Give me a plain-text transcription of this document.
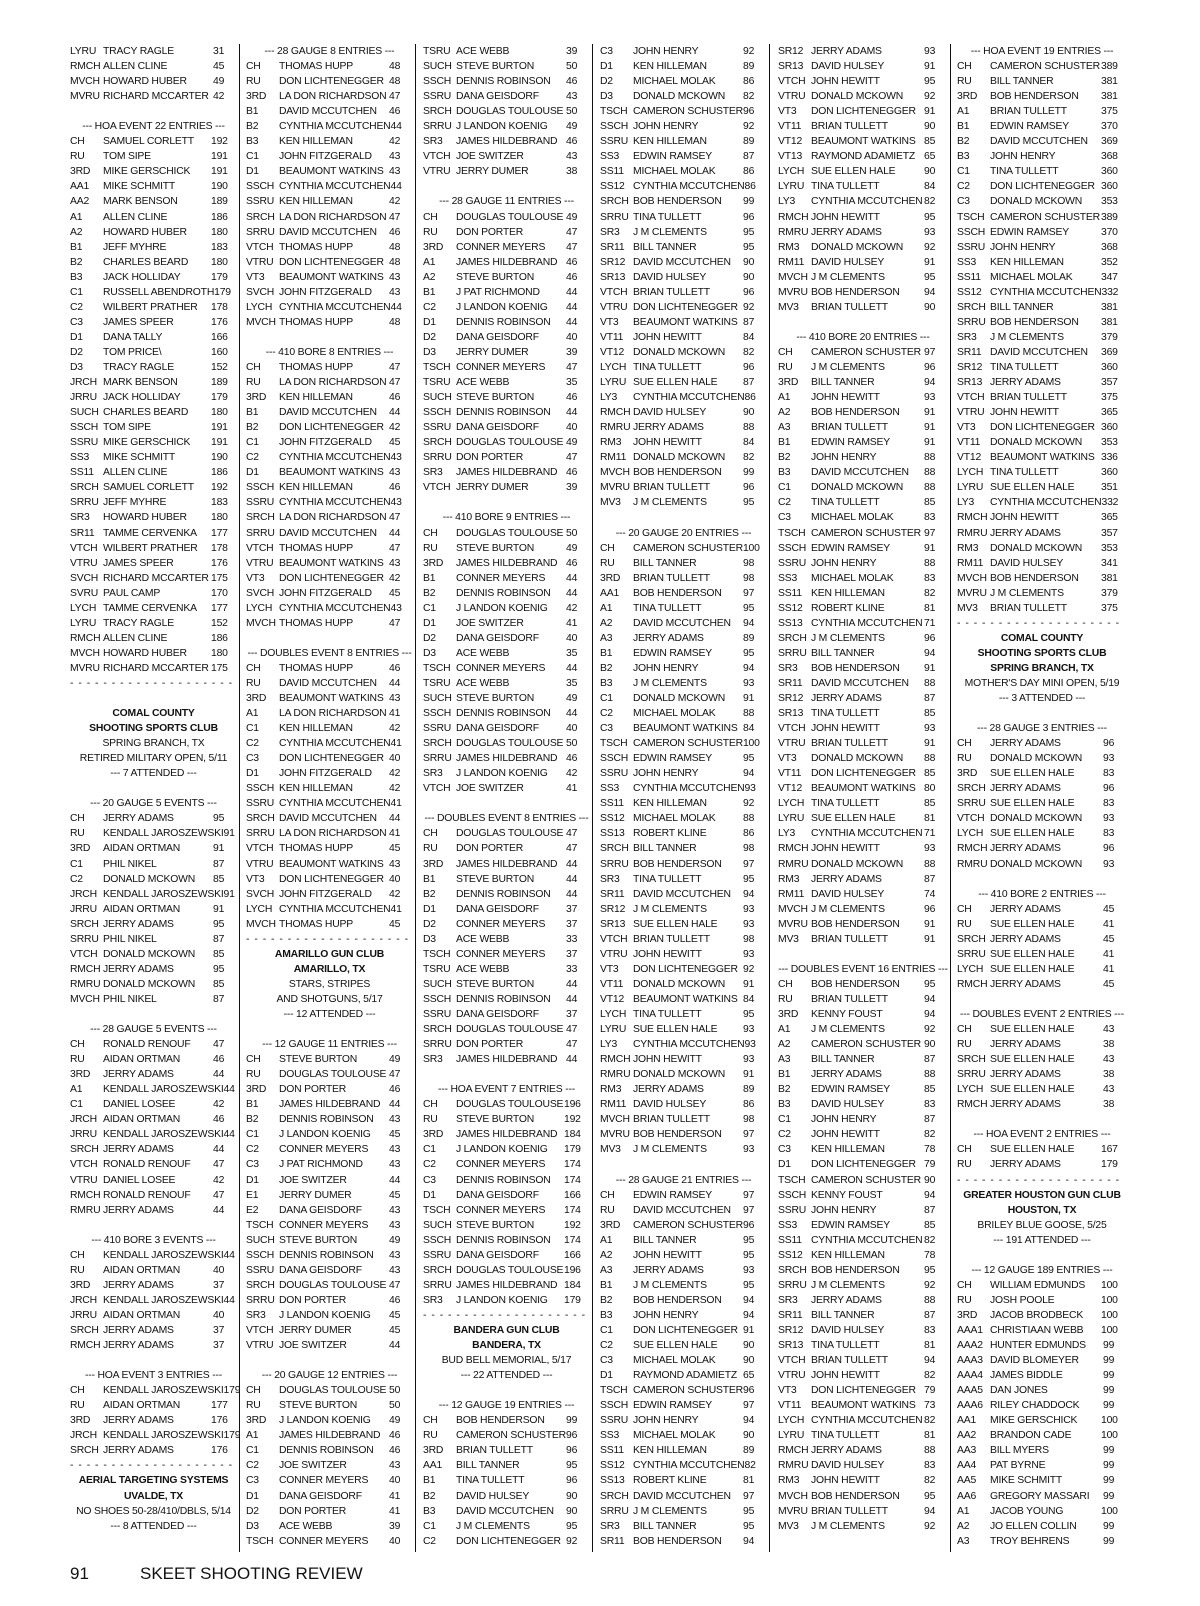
LYRU TRACY RAGLE	31
RMCH ALLEN CLINE	45
MVCH HOWARD HUBER	49
MVRU RICHARD MCCARTER 42
--- HOA EVENT 22 ENTRIES ---
CH	SAMUEL CORLETT	192
RU	TOM SIPE	191
3RD	MIKE GERSCHICK	191
AA1	MIKE SCHMITT	190
AA2	MARK BENSON	189
A1	ALLEN CLINE	186
A2	HOWARD HUBER	180
B1	JEFF MYHRE	183
B2	CHARLES BEARD	180
B3	JACK HOLLIDAY	179
C1	RUSSELL ABENDROTH 179
C2	WILBERT PRATHER	178
C3	JAMES SPEER	176
D1	DANA TALLY	166
D2	TOM PRICE\	160
D3	TRACY RAGLE	152
JRCH MARK BENSON	189
JRRU JACK HOLLIDAY	179
SUCH CHARLES BEARD	180
SSCH TOM SIPE	191
SSRU MIKE GERSCHICK	191
SS3	MIKE SCHMITT	190
SS11 ALLEN CLINE	186
SRCH SAMUEL CORLETT	192
SRRU JEFF MYHRE	183
SR3	HOWARD HUBER	180
SR11 TAMME CERVENKA	177
VTCH WILBERT PRATHER	178
VTRU JAMES SPEER	176
SVCH RICHARD MCCARTER 175
SVRU PAUL CAMP	170
LYCH TAMME CERVENKA	177
LYRU TRACY RAGLE	152
RMCH ALLEN CLINE	186
MVCH HOWARD HUBER	180
MVRU RICHARD MCCARTER 175
- - - - - - - - - - - - - - - - - - - -
COMAL COUNTY
SHOOTING SPORTS CLUB
SPRING BRANCH, TX
RETIRED MILITARY OPEN, 5/11
--- 7 ATTENDED ---
--- 20 GAUGE 5 EVENTS ---
CH	JERRY ADAMS	95
RU	KENDALL JAROSZEWSKI 91
3RD	AIDAN ORTMAN	91
C1	PHIL NIKEL	87
C2	DONALD MCKOWN	85
JRCH KENDALL JAROSZEWSKI 91
JRRU AIDAN ORTMAN	91
SRCH JERRY ADAMS	95
SRRU PHIL NIKEL	87
VTCH DONALD MCKOWN	85
RMCH JERRY ADAMS	95
RMRU DONALD MCKOWN	85
MVCH PHIL NIKEL	87
--- 28 GAUGE 5 EVENTS ---
CH	RONALD RENOUF	47
RU	AIDAN ORTMAN	46
3RD	JERRY ADAMS	44
A1	KENDALL JAROSZEWSKI 44
C1	DANIEL LOSEE	42
JRCH AIDAN ORTMAN	46
JRRU KENDALL JAROSZEWSKI 44
SRCH JERRY ADAMS	44
VTCH RONALD RENOUF	47
VTRU DANIEL LOSEE	42
RMCH RONALD RENOUF	47
RMRU JERRY ADAMS	44
--- 410 BORE 3 EVENTS ---
CH	KENDALL JAROSZEWSKI 44
RU	AIDAN ORTMAN	40
3RD	JERRY ADAMS	37
JRCH KENDALL JAROSZEWSKI 44
JRRU AIDAN ORTMAN	40
SRCH JERRY ADAMS	37
RMCH JERRY ADAMS	37
--- HOA EVENT 3 ENTRIES ---
CH	KENDALL JAROSZEWSKI 179
RU	AIDAN ORTMAN	177
3RD	JERRY ADAMS	176
JRCH KENDALL JAROSZEWSKI 179
SRCH JERRY ADAMS	176
- - - - - - - - - - - - - - - - - - - -
AERIAL TARGETING SYSTEMS
UVALDE, TX
NO SHOES 50-28/410/DBLS, 5/14
--- 8 ATTENDED ---
--- 28 GAUGE 8 ENTRIES ---
CH	THOMAS HUPP	48
RU	DON LICHTENEGGER 48
3RD	LA DON RICHARDSON 47
B1	DAVID MCCUTCHEN	46
B2	CYNTHIA MCCUTCHEN 44
B3	KEN HILLEMAN	42
C1	JOHN FITZGERALD	43
D1	BEAUMONT WATKINS 43
SSCH CYNTHIA MCCUTCHEN 44
SSRU KEN HILLEMAN	42
SRCH LA DON RICHARDSON 47
SRRU DAVID MCCUTCHEN	46
VTCH THOMAS HUPP	48
VTRU DON LICHTENEGGER 48
VT3	BEAUMONT WATKINS 43
SVCH JOHN FITZGERALD	43
LYCH CYNTHIA MCCUTCHEN 44
MVCH THOMAS HUPP	48
--- 410 BORE 8 ENTRIES ---
CH	THOMAS HUPP	47
RU	LA DON RICHARDSON 47
3RD	KEN HILLEMAN	46
B1	DAVID MCCUTCHEN	44
B2	DON LICHTENEGGER 42
C1	JOHN FITZGERALD	45
C2	CYNTHIA MCCUTCHEN 43
D1	BEAUMONT WATKINS 43
SSCH KEN HILLEMAN	46
SSRU CYNTHIA MCCUTCHEN 43
SRCH LA DON RICHARDSON 47
SRRU DAVID MCCUTCHEN	44
VTCH THOMAS HUPP	47
VTRU BEAUMONT WATKINS 43
VT3	DON LICHTENEGGER 42
SVCH JOHN FITZGERALD	45
LYCH CYNTHIA MCCUTCHEN 43
MVCH THOMAS HUPP	47
--- DOUBLES EVENT 8 ENTRIES ---
CH	THOMAS HUPP	46
RU	DAVID MCCUTCHEN	44
3RD	BEAUMONT WATKINS 43
A1	LA DON RICHARDSON 41
C1	KEN HILLEMAN	42
C2	CYNTHIA MCCUTCHEN 41
C3	DON LICHTENEGGER 40
D1	JOHN FITZGERALD	42
SSCH KEN HILLEMAN	42
SSRU CYNTHIA MCCUTCHEN 41
SRCH DAVID MCCUTCHEN	44
SRRU LA DON RICHARDSON 41
VTCH THOMAS HUPP	45
VTRU BEAUMONT WATKINS 43
VT3	DON LICHTENEGGER 40
SVCH JOHN FITZGERALD	42
LYCH CYNTHIA MCCUTCHEN 41
MVCH THOMAS HUPP	45
- - - - - - - - - - - - - - - - - - - -
AMARILLO GUN CLUB
AMARILLO, TX
STARS, STRIPES
AND SHOTGUNS, 5/17
--- 12 ATTENDED ---
--- 12 GAUGE 11 ENTRIES ---
CH	STEVE BURTON	49
RU	DOUGLAS TOULOUSE 47
3RD	DON PORTER	46
B1	JAMES HILDEBRAND 44
B2	DENNIS ROBINSON	43
C1	J LANDON KOENIG	45
C2	CONNER MEYERS	43
C3	J PAT RICHMOND	43
D1	JOE SWITZER	44
E1	JERRY DUMER	45
E2	DANA GEISDORF	43
TSCH CONNER MEYERS	43
SUCH STEVE BURTON	49
SSCH DENNIS ROBINSON	43
SSRU DANA GEISDORF	43
SRCH DOUGLAS TOULOUSE 47
SRRU DON PORTER	46
SR3	J LANDON KOENIG	45
VTCH JERRY DUMER	45
VTRU JOE SWITZER	44
--- 20 GAUGE 12 ENTRIES ---
CH	DOUGLAS TOULOUSE 50
RU	STEVE BURTON	50
3RD	J LANDON KOENIG	49
A1	JAMES HILDEBRAND 46
C1	DENNIS ROBINSON	46
C2	JOE SWITZER	43
C3	CONNER MEYERS	40
D1	DANA GEISDORF	41
D2	DON PORTER	41
D3	ACE WEBB	39
TSCH CONNER MEYERS	40
TSRU ACE WEBB	39
SUCH STEVE BURTON	50
SSCH DENNIS ROBINSON	46
SSRU DANA GEISDORF	43
SRCH DOUGLAS TOULOUSE 50
SRRU J LANDON KOENIG	49
SR3	JAMES HILDEBRAND 46
VTCH JOE SWITZER	43
VTRU JERRY DUMER	38
--- 28 GAUGE 11 ENTRIES ---
CH	DOUGLAS TOULOUSE 49
RU	DON PORTER	47
3RD	CONNER MEYERS	47
A1	JAMES HILDEBRAND 46
A2	STEVE BURTON	46
B1	J PAT RICHMOND	44
C2	J LANDON KOENIG	44
D1	DENNIS ROBINSON	44
D2	DANA GEISDORF	40
D3	JERRY DUMER	39
TSCH CONNER MEYERS	47
TSRU ACE WEBB	35
SUCH STEVE BURTON	46
SSCH DENNIS ROBINSON	44
SSRU DANA GEISDORF	40
SRCH DOUGLAS TOULOUSE 49
SRRU DON PORTER	47
SR3	JAMES HILDEBRAND 46
VTCH JERRY DUMER	39
--- 410 BORE 9 ENTRIES ---
CH	DOUGLAS TOULOUSE 50
RU	STEVE BURTON	49
3RD	JAMES HILDEBRAND 46
B1	CONNER MEYERS	44
B2	DENNIS ROBINSON	44
C1	J LANDON KOENIG	42
D1	JOE SWITZER	41
D2	DANA GEISDORF	40
D3	ACE WEBB	35
TSCH CONNER MEYERS	44
TSRU ACE WEBB	35
SUCH STEVE BURTON	49
SSCH DENNIS ROBINSON	44
SSRU DANA GEISDORF	40
SRCH DOUGLAS TOULOUSE 50
SRRU JAMES HILDEBRAND 46
SR3	J LANDON KOENIG	42
VTCH JOE SWITZER	41
--- DOUBLES EVENT 8 ENTRIES ---
CH	DOUGLAS TOULOUSE 47
RU	DON PORTER	47
3RD	JAMES HILDEBRAND 44
B1	STEVE BURTON	44
B2	DENNIS ROBINSON	44
D1	DANA GEISDORF	37
D2	CONNER MEYERS	37
D3	ACE WEBB	33
TSCH CONNER MEYERS	37
TSRU ACE WEBB	33
SUCH STEVE BURTON	44
SSCH DENNIS ROBINSON	44
SSRU DANA GEISDORF	37
SRCH DOUGLAS TOULOUSE 47
SRRU DON PORTER	47
SR3	JAMES HILDEBRAND 44
--- HOA EVENT 7 ENTRIES ---
CH	DOUGLAS TOULOUSE 196
RU	STEVE BURTON	192
3RD	JAMES HILDEBRAND 184
C1	J LANDON KOENIG	179
C2	CONNER MEYERS	174
C3	DENNIS ROBINSON	174
D1	DANA GEISDORF	166
TSCH CONNER MEYERS	174
SUCH STEVE BURTON	192
SSCH DENNIS ROBINSON	174
SSRU DANA GEISDORF	166
SRCH DOUGLAS TOULOUSE 196
SRRU JAMES HILDEBRAND 184
SR3	J LANDON KOENIG	179
- - - - - - - - - - - - - - - - - - - -
BANDERA GUN CLUB
BANDERA, TX
BUD BELL MEMORIAL, 5/17
--- 22 ATTENDED ---
--- 12 GAUGE 19 ENTRIES ---
CH	BOB HENDERSON	99
RU	CAMERON SCHUSTER 96
3RD	BRIAN TULLETT	96
AA1	BILL TANNER	95
B1	TINA TULLETT	96
B2	DAVID HULSEY	90
B3	DAVID MCCUTCHEN	90
C1	J M CLEMENTS	95
C2	DON LICHTENEGGER 92
C3	JOHN HENRY	92
D1	KEN HILLEMAN	89
D2	MICHAEL MOLAK	86
D3	DONALD MCKOWN	82
TSCH CAMERON SCHUSTER 96
SSCH JOHN HENRY	92
SSRU KEN HILLEMAN	89
SS3	EDWIN RAMSEY	87
SS11 MICHAEL MOLAK	86
SS12 CYNTHIA MCCUTCHEN 86
SRCH BOB HENDERSON	99
SRRU TINA TULLETT	96
SR3	J M CLEMENTS	95
SR11 BILL TANNER	95
SR12 DAVID MCCUTCHEN	90
SR13 DAVID HULSEY	90
VTCH BRIAN TULLETT	96
VTRU DON LICHTENEGGER 92
VT3	BEAUMONT WATKINS 87
VT11 JOHN HEWITT	84
VT12 DONALD MCKOWN	82
LYCH TINA TULLETT	96
LYRU SUE ELLEN HALE	87
LY3	CYNTHIA MCCUTCHEN 86
RMCH DAVID HULSEY	90
RMRU JERRY ADAMS	88
RM3	JOHN HEWITT	84
RM11 DONALD MCKOWN	82
MVCH BOB HENDERSON	99
MVRU BRIAN TULLETT	96
MV3	J M CLEMENTS	95
--- 20 GAUGE 20 ENTRIES ---
CH	CAMERON SCHUSTER 100
RU	BILL TANNER	98
3RD	BRIAN TULLETT	98
AA1	BOB HENDERSON	97
A1	TINA TULLETT	95
A2	DAVID MCCUTCHEN	94
A3	JERRY ADAMS	89
B1	EDWIN RAMSEY	95
B2	JOHN HENRY	94
B3	J M CLEMENTS	93
C1	DONALD MCKOWN	91
C2	MICHAEL MOLAK	88
C3	BEAUMONT WATKINS 84
TSCH CAMERON SCHUSTER 100
SSCH EDWIN RAMSEY	95
SSRU JOHN HENRY	94
SS3	CYNTHIA MCCUTCHEN 93
SS11 KEN HILLEMAN	92
SS12 MICHAEL MOLAK	88
SS13 ROBERT KLINE	86
SRCH BILL TANNER	98
SRRU BOB HENDERSON	97
SR3	TINA TULLETT	95
SR11 DAVID MCCUTCHEN	94
SR12 J M CLEMENTS	93
SR13 SUE ELLEN HALE	93
VTCH BRIAN TULLETT	98
VTRU JOHN HEWITT	93
VT3	DON LICHTENEGGER 92
VT11 DONALD MCKOWN	91
VT12 BEAUMONT WATKINS 84
LYCH TINA TULLETT	95
LYRU SUE ELLEN HALE	93
LY3	CYNTHIA MCCUTCHEN 93
RMCH JOHN HEWITT	93
RMRU DONALD MCKOWN	91
RM3	JERRY ADAMS	89
RM11 DAVID HULSEY	86
MVCH BRIAN TULLETT	98
MVRU BOB HENDERSON	97
MV3	J M CLEMENTS	93
--- 28 GAUGE 21 ENTRIES ---
CH	EDWIN RAMSEY	97
RU	DAVID MCCUTCHEN	97
3RD	CAMERON SCHUSTER 96
A1	BILL TANNER	95
A2	JOHN HEWITT	95
A3	JERRY ADAMS	93
B1	J M CLEMENTS	95
B2	BOB HENDERSON	94
B3	JOHN HENRY	94
C1	DON LICHTENEGGER 91
C2	SUE ELLEN HALE	90
C3	MICHAEL MOLAK	90
D1	RAYMOND ADAMIETZ 65
TSCH CAMERON SCHUSTER 96
SSCH EDWIN RAMSEY	97
SSRU JOHN HENRY	94
SS3	MICHAEL MOLAK	90
SS11 KEN HILLEMAN	89
SS12 CYNTHIA MCCUTCHEN 82
SS13 ROBERT KLINE	81
SRCH DAVID MCCUTCHEN	97
SRRU J M CLEMENTS	95
SR3	BILL TANNER	95
SR11 BOB HENDERSON	94
SR12 JERRY ADAMS	93
SR13 DAVID HULSEY	91
VTCH JOHN HEWITT	95
VTRU DONALD MCKOWN	92
VT3	DON LICHTENEGGER 91
VT11 BRIAN TULLETT	90
VT12 BEAUMONT WATKINS 85
VT13 RAYMOND ADAMIETZ 65
LYCH SUE ELLEN HALE	90
LYRU TINA TULLETT	84
LY3	CYNTHIA MCCUTCHEN 82
RMCH JOHN HEWITT	95
RMRU JERRY ADAMS	93
RM3	DONALD MCKOWN	92
RM11 DAVID HULSEY	91
MVCH J M CLEMENTS	95
MVRU BOB HENDERSON	94
MV3	BRIAN TULLETT	90
--- 410 BORE 20 ENTRIES ---
CH	CAMERON SCHUSTER 97
RU	J M CLEMENTS	96
3RD	BILL TANNER	94
A1	JOHN HEWITT	93
A2	BOB HENDERSON	91
A3	BRIAN TULLETT	91
B1	EDWIN RAMSEY	91
B2	JOHN HENRY	88
B3	DAVID MCCUTCHEN	88
C1	DONALD MCKOWN	88
C2	TINA TULLETT	85
C3	MICHAEL MOLAK	83
TSCH CAMERON SCHUSTER 97
SSCH EDWIN RAMSEY	91
SSRU JOHN HENRY	88
SS3	MICHAEL MOLAK	83
SS11 KEN HILLEMAN	82
SS12 ROBERT KLINE	81
SS13 CYNTHIA MCCUTCHEN 71
SRCH J M CLEMENTS	96
SRRU BILL TANNER	94
SR3	BOB HENDERSON	91
SR11 DAVID MCCUTCHEN	88
SR12 JERRY ADAMS	87
SR13 TINA TULLETT	85
VTCH JOHN HEWITT	93
VTRU BRIAN TULLETT	91
VT3	DONALD MCKOWN	88
VT11 DON LICHTENEGGER 85
VT12 BEAUMONT WATKINS 80
LYCH TINA TULLETT	85
LYRU SUE ELLEN HALE	81
LY3	CYNTHIA MCCUTCHEN 71
RMCH JOHN HEWITT	93
RMRU DONALD MCKOWN	88
RM3	JERRY ADAMS	87
RM11 DAVID HULSEY	74
MVCH J M CLEMENTS	96
MVRU BOB HENDERSON	91
MV3	BRIAN TULLETT	91
--- DOUBLES EVENT 16 ENTRIES ---
CH	BOB HENDERSON	95
RU	BRIAN TULLETT	94
3RD	KENNY FOUST	94
A1	J M CLEMENTS	92
A2	CAMERON SCHUSTER 90
A3	BILL TANNER	87
B1	JERRY ADAMS	88
B2	EDWIN RAMSEY	85
B3	DAVID HULSEY	83
C1	JOHN HENRY	87
C2	JOHN HEWITT	82
C3	KEN HILLEMAN	78
D1	DON LICHTENEGGER 79
TSCH CAMERON SCHUSTER 90
SSCH KENNY FOUST	94
SSRU JOHN HENRY	87
SS3	EDWIN RAMSEY	85
SS11 CYNTHIA MCCUTCHEN 82
SS12 KEN HILLEMAN	78
SRCH BOB HENDERSON	95
SRRU J M CLEMENTS	92
SR3	JERRY ADAMS	88
SR11 BILL TANNER	87
SR12 DAVID HULSEY	83
SR13 TINA TULLETT	81
VTCH BRIAN TULLETT	94
VTRU JOHN HEWITT	82
VT3	DON LICHTENEGGER 79
VT11 BEAUMONT WATKINS 73
LYCH CYNTHIA MCCUTCHEN 82
LYRU TINA TULLETT	81
RMCH JERRY ADAMS	88
RMRU DAVID HULSEY	83
RM3	JOHN HEWITT	82
MVCH BOB HENDERSON	95
MVRU BRIAN TULLETT	94
MV3	J M CLEMENTS	92
--- HOA EVENT 19 ENTRIES ---
CH	CAMERON SCHUSTER 389
RU	BILL TANNER	381
3RD	BOB HENDERSON	381
A1	BRIAN TULLETT	375
B1	EDWIN RAMSEY	370
B2	DAVID MCCUTCHEN	369
B3	JOHN HENRY	368
C1	TINA TULLETT	360
C2	DON LICHTENEGGER 360
C3	DONALD MCKOWN	353
TSCH CAMERON SCHUSTER 389
SSCH EDWIN RAMSEY	370
SSRU JOHN HENRY	368
SS3	KEN HILLEMAN	352
SS11 MICHAEL MOLAK	347
SS12 CYNTHIA MCCUTCHEN 332
SRCH BILL TANNER	381
SRRU BOB HENDERSON	381
SR3	J M CLEMENTS	379
SR11 DAVID MCCUTCHEN	369
SR12 TINA TULLETT	360
SR13 JERRY ADAMS	357
VTCH BRIAN TULLETT	375
VTRU JOHN HEWITT	365
VT3	DON LICHTENEGGER 360
VT11 DONALD MCKOWN	353
VT12 BEAUMONT WATKINS 336
LYCH TINA TULLETT	360
LYRU SUE ELLEN HALE	351
LY3	CYNTHIA MCCUTCHEN 332
RMCH JOHN HEWITT	365
RMRU JERRY ADAMS	357
RM3	DONALD MCKOWN	353
RM11 DAVID HULSEY	341
MVCH BOB HENDERSON	381
MVRU J M CLEMENTS	379
MV3	BRIAN TULLETT	375
- - - - - - - - - - - - - - - - - - - -
COMAL COUNTY
SHOOTING SPORTS CLUB
SPRING BRANCH, TX
MOTHER'S DAY MINI OPEN, 5/19
--- 3 ATTENDED ---
--- 28 GAUGE 3 ENTRIES ---
CH	JERRY ADAMS	96
RU	DONALD MCKOWN	93
3RD	SUE ELLEN HALE	83
SRCH JERRY ADAMS	96
SRRU SUE ELLEN HALE	83
VTCH DONALD MCKOWN	93
LYCH SUE ELLEN HALE	83
RMCH JERRY ADAMS	96
RMRU DONALD MCKOWN	93
--- 410 BORE 2 ENTRIES ---
CH	JERRY ADAMS	45
RU	SUE ELLEN HALE	41
SRCH JERRY ADAMS	45
SRRU SUE ELLEN HALE	41
LYCH SUE ELLEN HALE	41
RMCH JERRY ADAMS	45
--- DOUBLES EVENT 2 ENTRIES ---
CH	SUE ELLEN HALE	43
RU	JERRY ADAMS	38
SRCH SUE ELLEN HALE	43
SRRU JERRY ADAMS	38
LYCH SUE ELLEN HALE	43
RMCH JERRY ADAMS	38
--- HOA EVENT 2 ENTRIES ---
CH	SUE ELLEN HALE	167
RU	JERRY ADAMS	179
- - - - - - - - - - - - - - - - - - - -
GREATER HOUSTON GUN CLUB
HOUSTON, TX
BRILEY BLUE GOOSE, 5/25
--- 191 ATTENDED ---
--- 12 GAUGE 189 ENTRIES ---
CH	WILLIAM EDMUNDS	100
RU	JOSH POOLE	100
3RD	JACOB BRODBECK	100
AAA1 CHRISTIAAN WEBB	100
AAA2 HUNTER EDMUNDS	99
AAA3 DAVID BLOMEYER	99
AAA4 JAMES BIDDLE	99
AAA5 DAN JONES	99
AAA6 RILEY CHADDOCK	99
AA1	MIKE GERSCHICK	100
AA2	BRANDON CADE	100
AA3	BILL MYERS	99
AA4	PAT BYRNE	99
AA5	MIKE SCHMITT	99
AA6	GREGORY MASSARI	99
A1	JACOB YOUNG	100
A2	JO ELLEN COLLIN	99
A3	TROY BEHRENS	99
91	SKEET SHOOTING REVIEW
